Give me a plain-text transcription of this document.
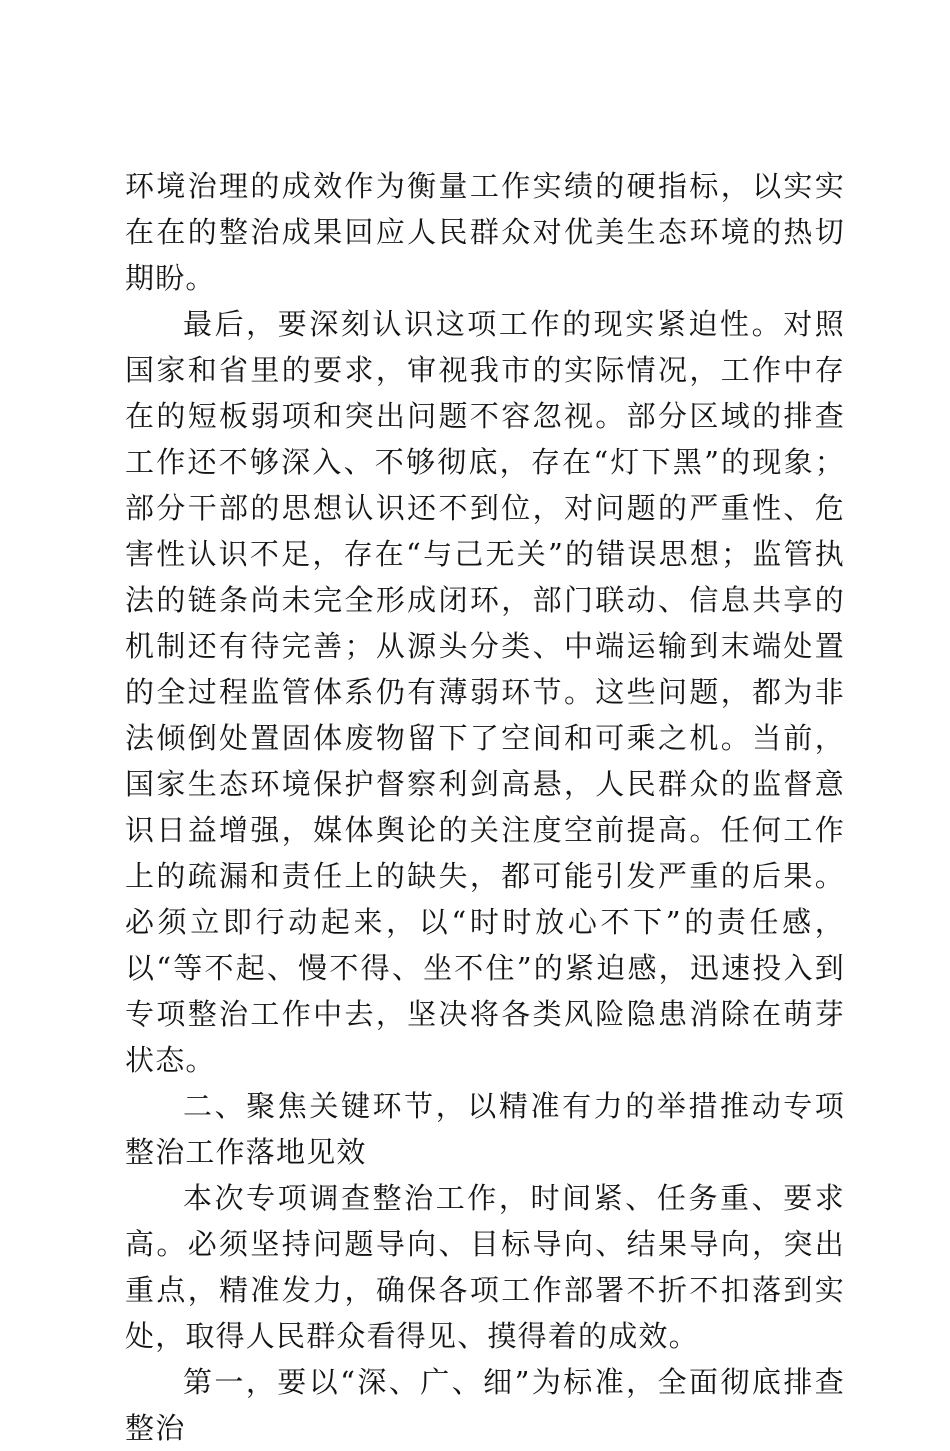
环境治理的成效作为衡量工作实绩的硬指标，以实实在在的整治成果回应人民群众对优美生态环境的热切期盼。

最后，要深刻认识这项工作的现实紧迫性。对照国家和省里的要求，审视我市的实际情况，工作中存在的短板弱项和突出问题不容忽视。部分区域的排查工作还不够深入、不够彻底，存在“灯下黑”的现象；部分干部的思想认识还不到位，对问题的严重性、危害性认识不足，存在“与己无关”的错误思想；监管执法的链条尚未完全形成闭环，部门联动、信息共享的机制还有待完善；从源头分类、中端运输到末端处置的全过程监管体系仍有薄弱环节。这些问题，都为非法倾倒处置固体废物留下了空间和可乘之机。当前，国家生态环境保护督察利剑高悬，人民群众的监督意识日益增强，媒体舆论的关注度空前提高。任何工作上的疏漏和责任上的缺失，都可能引发严重的后果。必须立即行动起来，以“时时放心不下”的责任感，以“等不起、慢不得、坐不住”的紧迫感，迅速投入到专项整治工作中去，坚决将各类风险隐患消除在萌芽状态。

二、聚焦关键环节，以精准有力的举措推动专项整治工作落地见效

本次专项调查整治工作，时间紧、任务重、要求高。必须坚持问题导向、目标导向、结果导向，突出重点，精准发力，确保各项工作部署不折不扣落到实处，取得人民群众看得见、摸得着的成效。

第一，要以“深、广、细”为标准，全面彻底排查整治
